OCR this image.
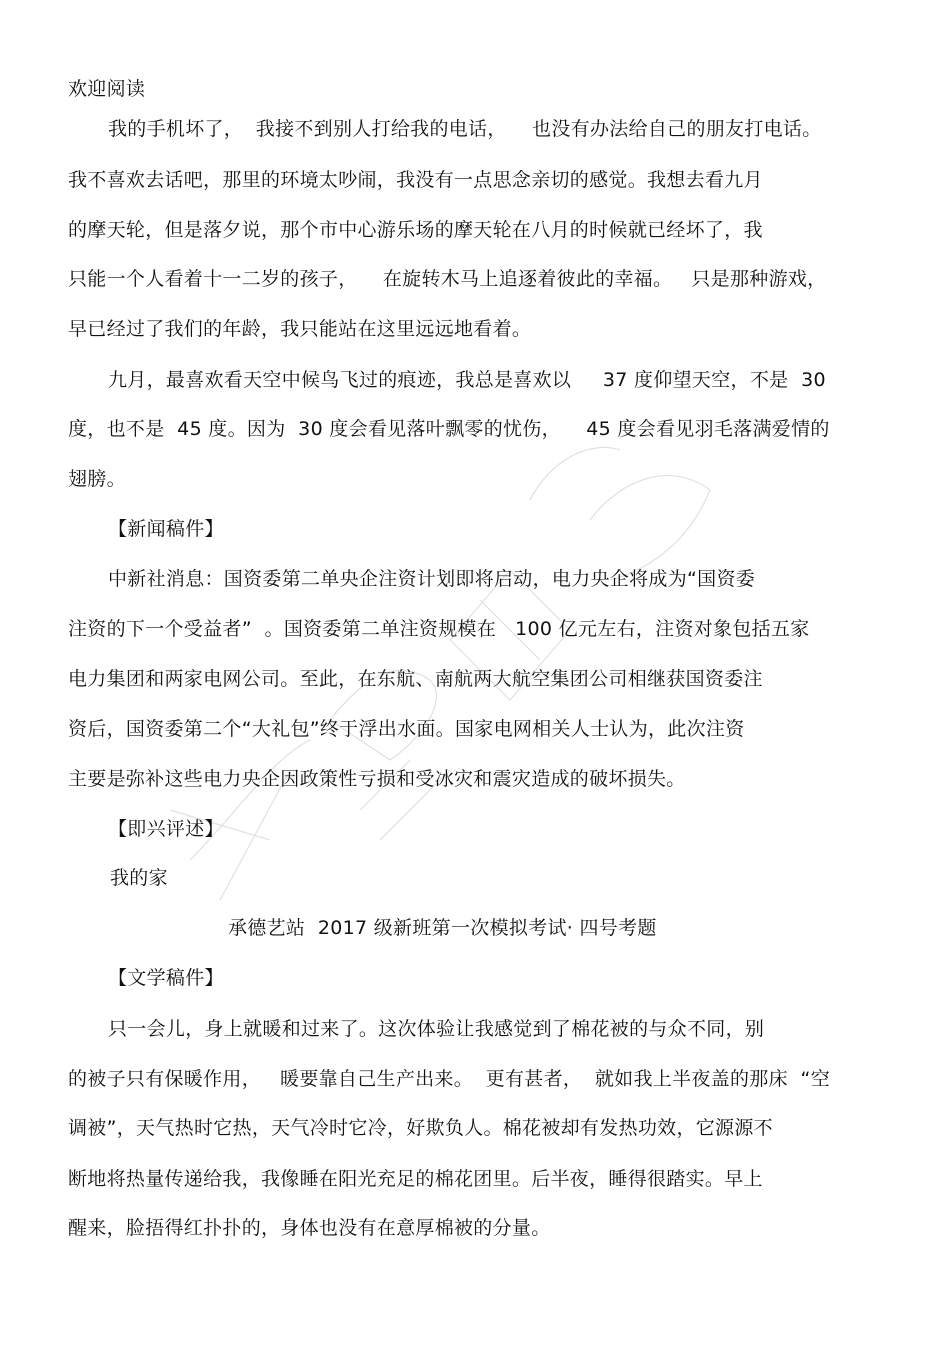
欢迎阅读
我的手机坏了，  我接不到别人打给我的电话，    也没有办法给自己的朋友打电话。
我不喜欢去话吧，那里的环境太吵闹，我没有一点思念亲切的感觉。我想去看九月
的摩天轮，但是落夕说，那个市中心游乐场的摩天轮在八月的时候就已经坏了，我
只能一个人看着十一二岁的孩子，    在旋转木马上追逐着彼此的幸福。   只是那种游戏，
早已经过了我们的年龄，我只能站在这里远远地看着。
九月，最喜欢看天空中候鸟飞过的痕迹，我总是喜欢以     37 度仰望天空，不是  30
度，也不是  45 度。因为  30 度会看见落叶飘零的忧伤，    45 度会看见羽毛落满爱情的
翅膀。
【新闻稿件】
中新社消息：国资委第二单央企注资计划即将启动，电力央企将成为“国资委
注资的下一个受益者”  。国资委第二单注资规模在   100 亿元左右，注资对象包括五家
电力集团和两家电网公司。至此，在东航、南航两大航空集团公司相继获国资委注
资后，国资委第二个“大礼包”终于浮出水面。国家电网相关人士认为，此次注资
主要是弥补这些电力央企因政策性亏损和受冰灾和震灾造成的破坏损失。
【即兴评述】
我的家
承德艺站  2017 级新班第一次模拟考试· 四号考题
【文学稿件】
只一会儿，身上就暖和过来了。这次体验让我感觉到了棉花被的与众不同，别
的被子只有保暖作用，   暖要靠自己生产出来。  更有甚者，  就如我上半夜盖的那床  “空
调被”，天气热时它热，天气冷时它冷，好欺负人。棉花被却有发热功效，它源源不
断地将热量传递给我，我像睡在阳光充足的棉花团里。后半夜，睡得很踏实。早上
醒来，脸捂得红扑扑的，身体也没有在意厚棉被的分量。
